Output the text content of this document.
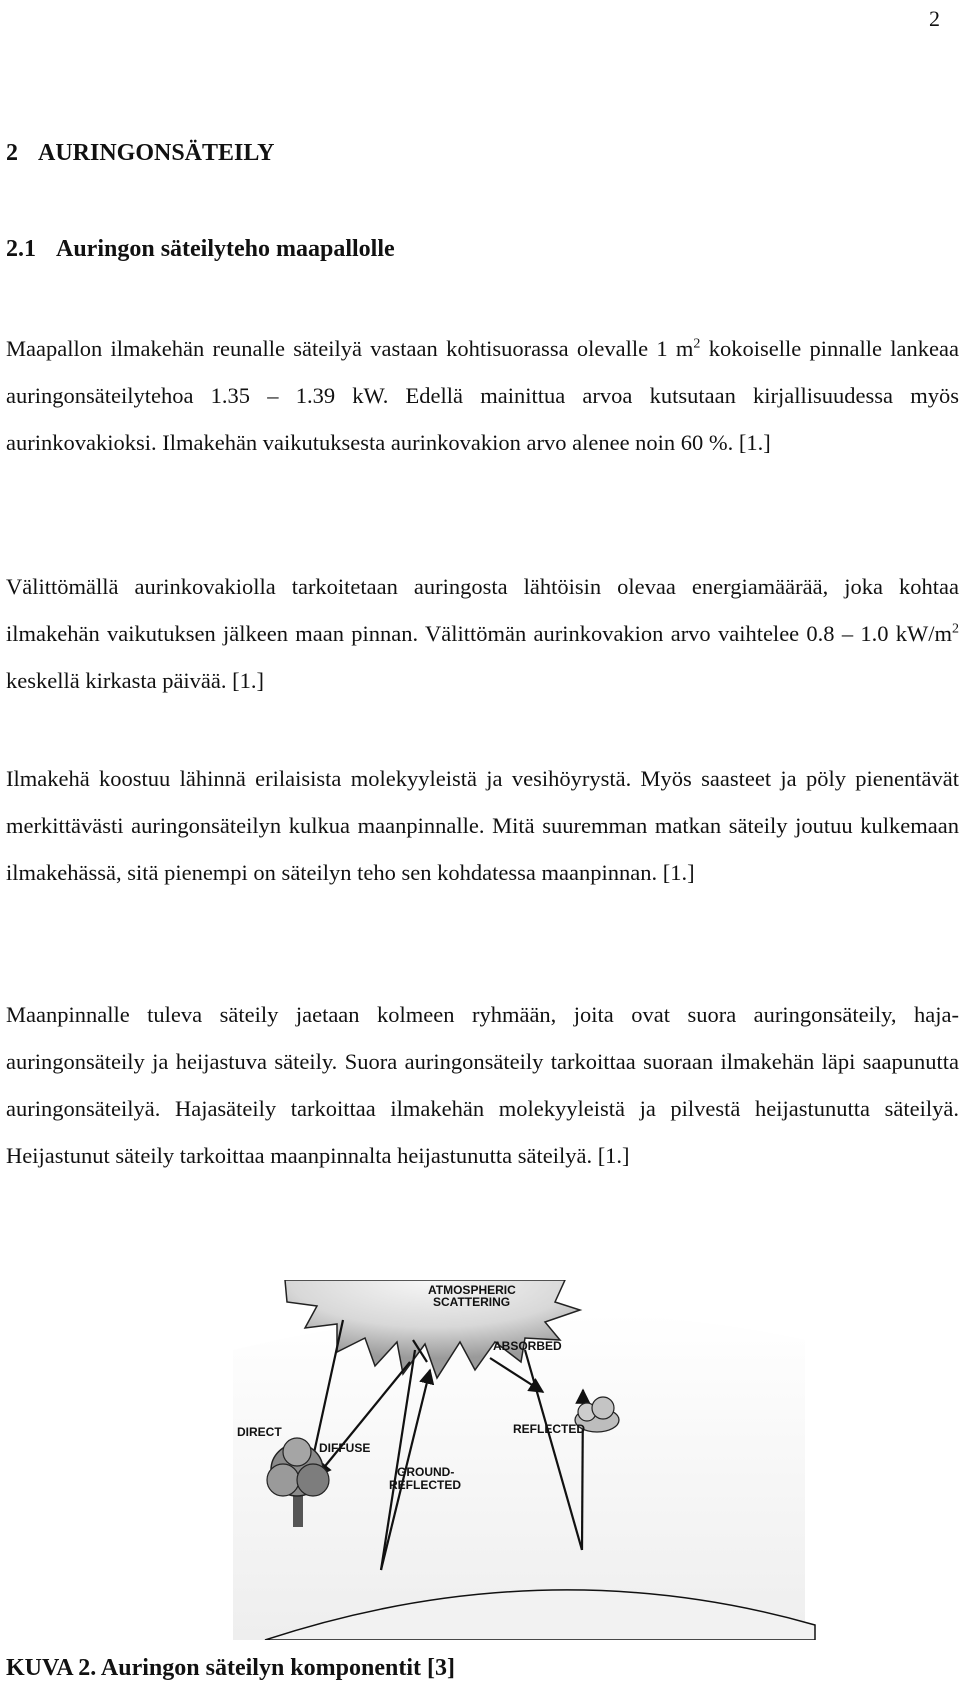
2
2 AURINGONSÄTEILY
2.1 Auringon säteilyteho maapallolle

Maapallon ilmakehän reunalle säteilyä vastaan kohtisuorassa olevalle 1 $m^2$ kokoiselle pinnalle lankeaa auringonsäteilytehoa 1.35 – 1.39 kW. Edellä mainittua arvoa kutsutaan kirjallisuudessa myös aurinkovakioksi. Ilmakehän vaikutuksesta aurinkovakion arvo alenee noin 60 %. [1.]

Välittömällä aurinkovakiolla tarkoitetaan auringosta lähtöisin olevaa energiamäärää, joka kohtaa ilmakehän vaikutuksen jälkeen maan pinnan. Välittömän aurinkovakion arvo vaihtelee 0.8 – 1.0 $kW/m^2$ keskellä kirkasta päivää. [1.]

Ilmakehä koostuu lähinnä erilaisista molekyyleistä ja vesihöyrystä. Myös saasteet ja pöly pienentävät merkittävästi auringonsäteilyn kulkua maanpinnalle. Mitä suuremman matkan säteily joutuu kulkemaan ilmakehässä, sitä pienempi on säteilyn teho sen kohdatessa maanpinnan. [1.]

Maanpinnalle tuleva säteily jaetaan kolmeen ryhmään, joita ovat suora auringonsäteily, haja-auringonsäteily ja heijastuva säteily. Suora auringonsäteily tarkoittaa suoraan ilmakehän läpi saapunutta auringonsäteilyä. Hajasäteily tarkoittaa ilmakehän molekyyleistä ja pilvestä heijastunutta säteilyä. Heijastunut säteily tarkoittaa maanpinnalta heijastunutta säteilyä. [1.]

ATMOSPHERIC
SCATTERING
ABSORBED
REFLECTED
DIRECT
DIFFUSE
GROUND-
REFLECTED

KUVA 2. Auringon säteilyn komponentit [3]
